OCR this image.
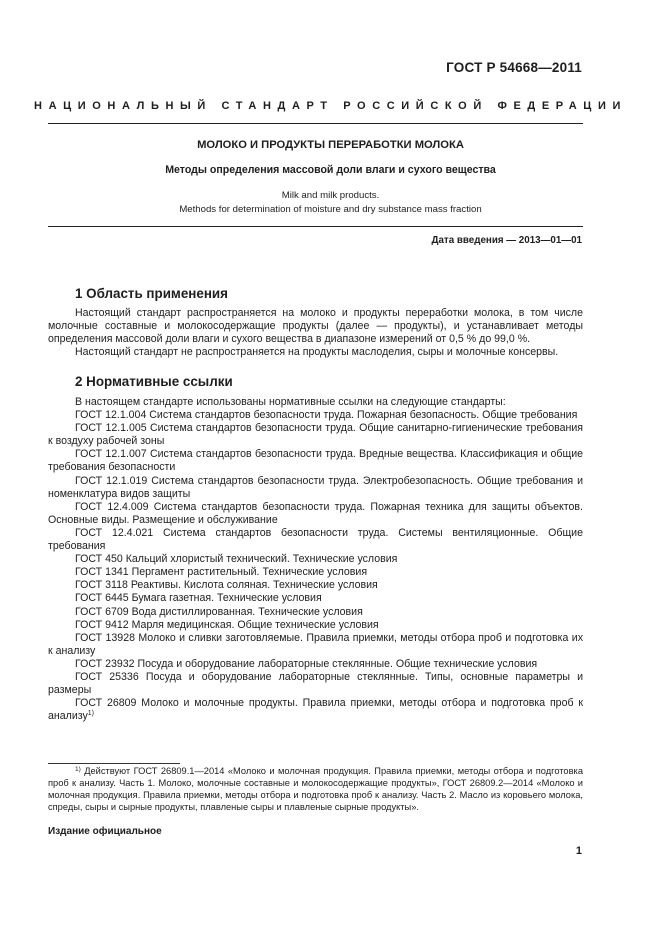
ГОСТ Р 54668—2011
НАЦИОНАЛЬНЫЙ СТАНДАРТ РОССИЙСКОЙ ФЕДЕРАЦИИ
МОЛОКО И ПРОДУКТЫ ПЕРЕРАБОТКИ МОЛОКА
Методы определения массовой доли влаги и сухого вещества
Milk and milk products.
Methods for determination of moisture and dry substance mass fraction
Дата введения — 2013—01—01
1 Область применения

Настоящий стандарт распространяется на молоко и продукты переработки молока, в том числе молочные составные и молокосодержащие продукты (далее — продукты), и устанавливает методы определения массовой доли влаги и сухого вещества в диапазоне измерений от 0,5 % до 99,0 %.

Настоящий стандарт не распространяется на продукты маслоделия, сыры и молочные консервы.

2 Нормативные ссылки

В настоящем стандарте использованы нормативные ссылки на следующие стандарты:

ГОСТ 12.1.004 Система стандартов безопасности труда. Пожарная безопасность. Общие требования

ГОСТ 12.1.005 Система стандартов безопасности труда. Общие санитарно-гигиенические требования к воздуху рабочей зоны

ГОСТ 12.1.007 Система стандартов безопасности труда. Вредные вещества. Классификация и общие требования безопасности

ГОСТ 12.1.019 Система стандартов безопасности труда. Электробезопасность. Общие требования и номенклатура видов защиты

ГОСТ 12.4.009 Система стандартов безопасности труда. Пожарная техника для защиты объектов. Основные виды. Размещение и обслуживание

ГОСТ 12.4.021 Система стандартов безопасности труда. Системы вентиляционные. Общие требования

ГОСТ 450 Кальций хлористый технический. Технические условия

ГОСТ 1341 Пергамент растительный. Технические условия

ГОСТ 3118 Реактивы. Кислота соляная. Технические условия

ГОСТ 6445 Бумага газетная. Технические условия

ГОСТ 6709 Вода дистиллированная. Технические условия

ГОСТ 9412 Марля медицинская. Общие технические условия

ГОСТ 13928 Молоко и сливки заготовляемые. Правила приемки, методы отбора проб и подготовка их к анализу

ГОСТ 23932 Посуда и оборудование лабораторные стеклянные. Общие технические условия

ГОСТ 25336 Посуда и оборудование лабораторные стеклянные. Типы, основные параметры и размеры

ГОСТ 26809 Молоко и молочные продукты. Правила приемки, методы отбора и подготовка проб к анализу$^{1)}$

$^{1)}$ Действуют ГОСТ 26809.1—2014 «Молоко и молочная продукция. Правила приемки, методы отбора и подготовка проб к анализу. Часть 1. Молоко, молочные составные и молокосодержащие продукты», ГОСТ 26809.2—2014 «Молоко и молочная продукция. Правила приемки, методы отбора и подготовка проб к анализу. Часть 2. Масло из коровьего молока, спреды, сыры и сырные продукты, плавленые сыры и плавленые сырные продукты».

Издание официальное
1
